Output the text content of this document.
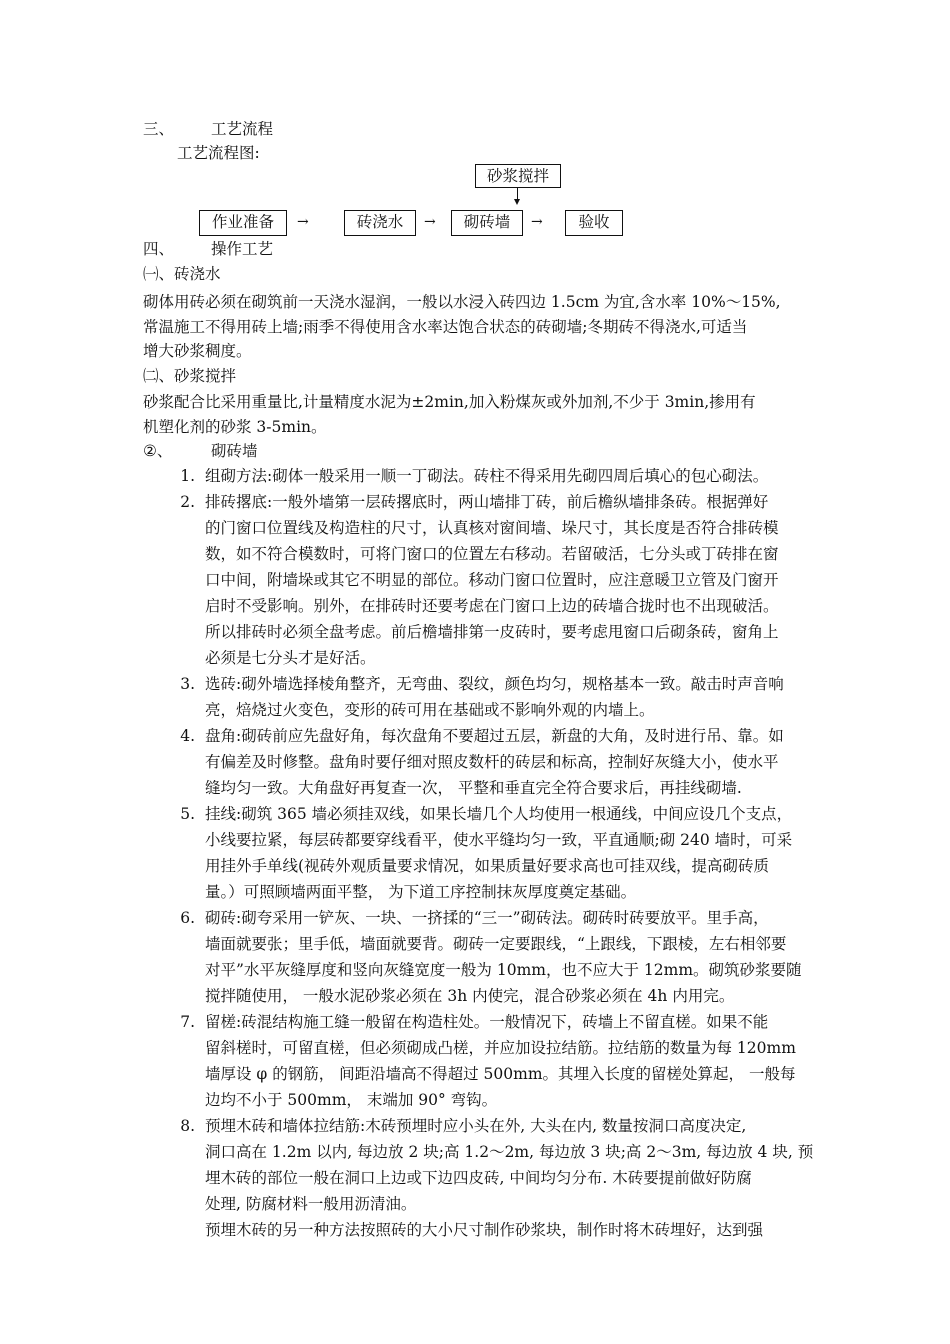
三、 工艺流程
工艺流程图:
砂浆搅拌
作业准备	→	砖浇水	→	砌砖墙	→	验收
四、 操作工艺
㈠、砖浇水
砌体用砖必须在砌筑前一天浇水湿润，一般以水浸入砖四边 1.5cm 为宜,含水率 10%～15%,
常温施工不得用砖上墙;雨季不得使用含水率达饱合状态的砖砌墙;冬期砖不得浇水,可适当
增大砂浆稠度。
㈡、砂浆搅拌
砂浆配合比采用重量比,计量精度水泥为±2min,加入粉煤灰或外加剂,不少于 3min,掺用有
机塑化剂的砂浆 3-5min。
②、 砌砖墙
1. 组砌方法:砌体一般采用一顺一丁砌法。砖柱不得采用先砌四周后填心的包心砌法。
2. 排砖撂底:一般外墙第一层砖撂底时，两山墙排丁砖，前后檐纵墙排条砖。根据弹好
的门窗口位置线及构造柱的尺寸，认真核对窗间墙、垛尺寸，其长度是否符合排砖模
数，如不符合模数时，可将门窗口的位置左右移动。若留破活，七分头或丁砖排在窗
口中间，附墙垛或其它不明显的部位。移动门窗口位置时，应注意暖卫立管及门窗开
启时不受影响。别外，在排砖时还要考虑在门窗口上边的砖墙合拢时也不出现破活。
所以排砖时必须全盘考虑。前后檐墙排第一皮砖时，要考虑甩窗口后砌条砖，窗角上
必须是七分头才是好活。
3. 选砖:砌外墙选择棱角整齐，无弯曲、裂纹，颜色均匀，规格基本一致。敲击时声音响
亮，焙烧过火变色，变形的砖可用在基础或不影响外观的内墙上。
4. 盘角:砌砖前应先盘好角，每次盘角不要超过五层，新盘的大角，及时进行吊、靠。如
有偏差及时修整。盘角时要仔细对照皮数杆的砖层和标高，控制好灰缝大小，使水平
缝均匀一致。大角盘好再复查一次， 平整和垂直完全符合要求后，再挂线砌墙.
5. 挂线:砌筑 365 墙必须挂双线，如果长墙几个人均使用一根通线，中间应设几个支点，
小线要拉紧，每层砖都要穿线看平，使水平缝均匀一致，平直通顺;砌 240 墙时，可采
用挂外手单线(视砖外观质量要求情况，如果质量好要求高也可挂双线，提高砌砖质
量。）可照顾墙两面平整， 为下道工序控制抹灰厚度奠定基础。
6. 砌砖:砌夸采用一铲灰、一块、一挤揉的“三一”砌砖法。砌砖时砖要放平。里手高，
墙面就要张；里手低，墙面就要背。砌砖一定要跟线，“上跟线，下跟棱，左右相邻要
对平”水平灰缝厚度和竖向灰缝宽度一般为 10mm，也不应大于 12mm。砌筑砂浆要随
搅拌随使用， 一般水泥砂浆必须在 3h 内使完，混合砂浆必须在 4h 内用完。
7. 留槎:砖混结构施工缝一般留在构造柱处。一般情况下，砖墙上不留直槎。如果不能
留斜槎时，可留直槎，但必须砌成凸槎，并应加设拉结筋。拉结筋的数量为每 120mm
墙厚设 φ 的钢筋， 间距沿墙高不得超过 500mm。其埋入长度的留槎处算起， 一般每
边均不小于 500mm， 末端加 90° 弯钩。
8. 预埋木砖和墙体拉结筋:木砖预埋时应小头在外, 大头在内, 数量按洞口高度决定,
洞口高在 1.2m 以内, 每边放 2 块;高 1.2～2m, 每边放 3 块;高 2～3m, 每边放 4 块, 预
埋木砖的部位一般在洞口上边或下边四皮砖, 中间均匀分布. 木砖要提前做好防腐
处理, 防腐材料一般用沥清油。
预埋木砖的另一种方法按照砖的大小尺寸制作砂浆块，制作时将木砖埋好，达到强
